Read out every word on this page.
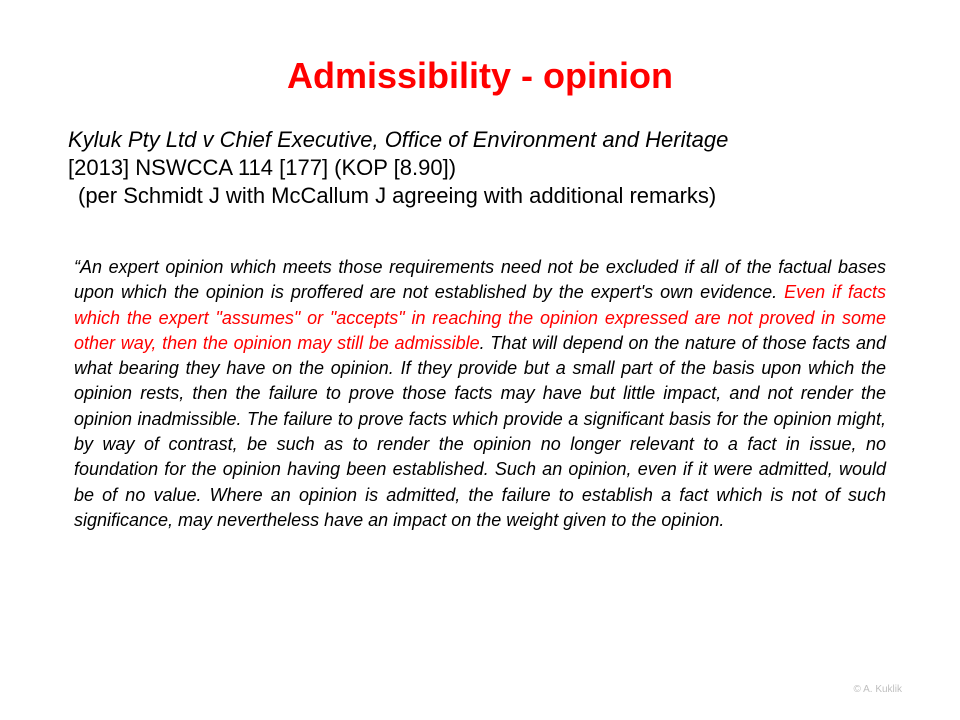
Admissibility - opinion
Kyluk Pty Ltd v Chief Executive, Office of Environment and Heritage
[2013] NSWCCA 114 [177] (KOP [8.90])
(per Schmidt J with McCallum J agreeing with additional remarks)

“An expert opinion which meets those requirements need not be excluded if all of the factual bases upon which the opinion is proffered are not established by the expert's own evidence. Even if facts which the expert "assumes" or "accepts" in reaching the opinion expressed are not proved in some other way, then the opinion may still be admissible. That will depend on the nature of those facts and what bearing they have on the opinion. If they provide but a small part of the basis upon which the opinion rests, then the failure to prove those facts may have but little impact, and not render the opinion inadmissible. The failure to prove facts which provide a significant basis for the opinion might, by way of contrast, be such as to render the opinion no longer relevant to a fact in issue, no foundation for the opinion having been established. Such an opinion, even if it were admitted, would be of no value. Where an opinion is admitted, the failure to establish a fact which is not of such significance, may nevertheless have an impact on the weight given to the opinion.

© A. Kuklik
